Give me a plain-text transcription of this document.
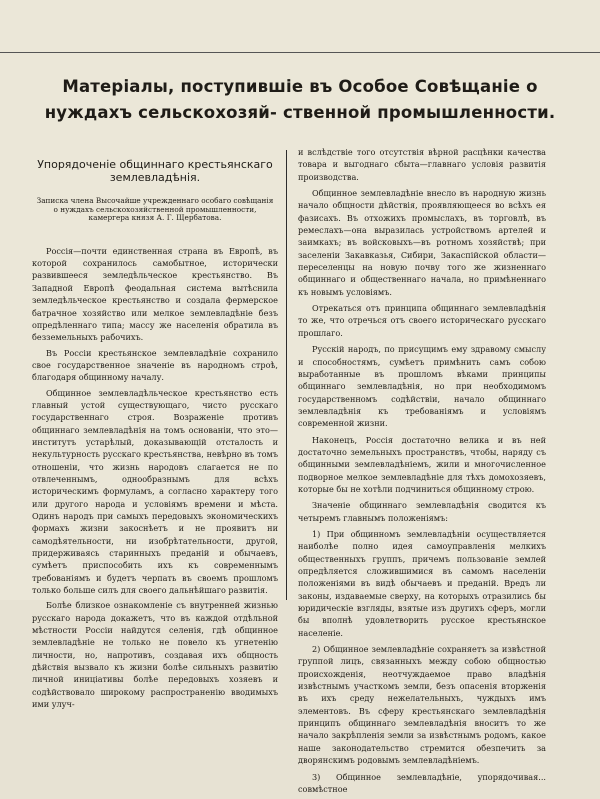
Матеріалы, поступившіе въ Особое Совѣщаніе о нуждахъ сельскохозяй- ственной промышленности.
Упорядоченіе общиннаго крестьянскаго землевладѣнія.
Записка члена Высочайше учрежденнаго особаго совѣщанія о нуждахъ сельскохозяйственной промышленности, камергера князя А. Г. Щербатова.

Россія—почти единственная страна въ Европѣ, въ которой сохранилось самобытное, исторически развившееся земледѣльческое крестьянство. Въ Западной Европѣ феодальная система вытѣснила земледѣльческое крестьянство и создала фермерское батрачное хозяйство или мелкое землевладѣніе безъ опредѣленнаго типа; массу же населенія обратила въ безземельныхъ рабочихъ.

Въ Россіи крестьянское землевладѣніе сохранило свое государственное значеніе въ народномъ строѣ, благодаря общинному началу.

Общинное землевладѣльческое крестьянство есть главный устой существующаго, чисто русскаго государственнаго строя. Возраженіе противъ общиннаго землевладѣнія на томъ основаніи, что это—институтъ устарѣлый, доказывающій отсталость и некультурность русскаго крестьянства, невѣрно въ томъ отношеніи, что жизнь народовъ слагается не по отвлеченнымъ, однообразнымъ для всѣхъ историческимъ формуламъ, а согласно характеру того или другого народа и условіямъ времени и мѣста. Одинъ народъ при самыхъ передовыхъ экономическихъ формахъ жизни закоснѣетъ и не проявитъ ни самодѣятельности, ни изобрѣтательности, другой, придерживаясь старинныхъ преданій и обычаевъ, сумѣетъ приспособить ихъ къ современнымъ требованіямъ и будетъ черпать въ своемъ прошломъ только больше силъ для своего дальнѣйшаго развитія.

Болѣе близкое ознакомленіе съ внутренней жизнью русскаго народа докажетъ, что въ каждой отдѣльной мѣстности Россіи найдутся селенія, гдѣ общинное землевладѣніе не только не повело къ угнетенію личности, но, напротивъ, создавая ихъ общность дѣйствія вызвало къ жизни болѣе сильныхъ развитію личной иниціативы болѣе передовыхъ хозяевъ и содѣйствовало широкому распространенію вводимыхъ ими улуч-

и вслѣдствіе того отсутствія вѣрной расцѣнки качества товара и выгоднаго сбыта—главнаго условія развитія производства.

Общинное землевладѣніе внесло въ народную жизнь начало общности дѣйствія, проявляющееся во всѣхъ ея фазисахъ. Въ отхожихъ промыслахъ, въ торговлѣ, въ ремеслахъ—она выразилась устройствомъ артелей и заимкахъ; въ войсковыхъ—въ ротномъ хозяйствѣ; при заселеніи Закавказья, Сибири, Закаспійской области—переселенцы на новую почву того же жизненнаго общиннаго и общественнаго начала, но примѣненнаго къ новымъ условіямъ.

Отрекаться отъ принципа общиннаго землевладѣнія то же, что отречься отъ своего историческаго русскаго прошлаго.

Русскій народъ, по присущимъ ему здравому смыслу и способностямъ, сумѣетъ примѣнить самъ собою выработанные въ прошломъ вѣками принципы общиннаго землевладѣнія, но при необходимомъ государственномъ содѣйствіи, начало общиннаго землевладѣнія къ требованіямъ и условіямъ современной жизни.

Наконецъ, Россія достаточно велика и въ ней достаточно земельныхъ пространствъ, чтобы, наряду съ общинными землевладѣніемъ, жили и многочисленное подворное мелкое землевладѣніе для тѣхъ домохозяевъ, которые бы не хотѣли подчиниться общинному строю.

Значеніе общиннаго землевладѣнія сводится къ четыремъ главнымъ положеніямъ:

1) При общинномъ землевладѣніи осуществляется наиболѣе полно идея самоуправленія мелкихъ общественныхъ группъ, причемъ пользованіе землей опредѣляется сложившимися въ самомъ населеніи положеніями въ видѣ обычаевъ и преданій. Вредъ ли законы, издаваемые сверху, на которыхъ отразились бы юридическіе взгляды, взятые изъ другихъ сферъ, могли бы вполнѣ удовлетворить русское крестьянское населеніе.

2) Общинное землевладѣніе сохраняетъ за извѣстной группой лицъ, связанныхъ между собою общностью происхожденія, неотчуждаемое право владѣнія извѣстнымъ участкомъ земли, безъ опасенія вторженія въ ихъ среду нежелательныхъ, чуждыхъ имъ элементовъ. Въ сферу крестьянскаго землевладѣнія принципъ общиннаго землевладѣнія вноситъ то же начало закрѣпленія земли за извѣстнымъ родомъ, какое наше законодательство стремится обезпечить за дворянскимъ родовымъ землевладѣніемъ.

3) Общинное землевладѣніе, упорядочивая... совмѣстное
